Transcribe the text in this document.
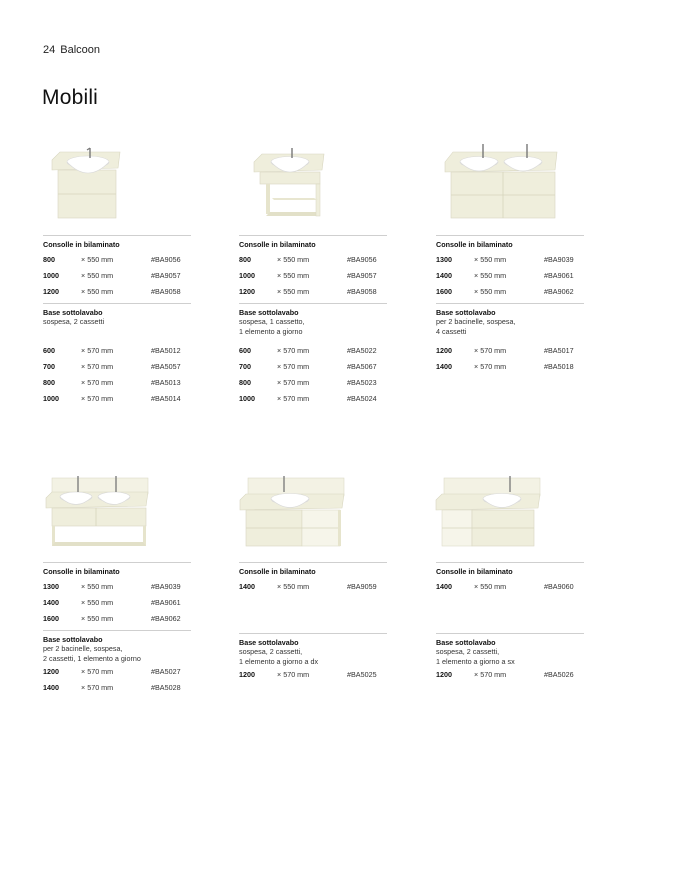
24 Balcoon
Mobili
Consolle in bilaminato
800	× 550 mm	#BA9056
1000	× 550 mm	#BA9057
1200	× 550 mm	#BA9058
Base sottolavabo
sospesa, 2 cassetti
600	× 570 mm	#BA5012
700	× 570 mm	#BA5057
800	× 570 mm	#BA5013
1000	× 570 mm	#BA5014
Consolle in bilaminato
800	× 550 mm	#BA9056
1000	× 550 mm	#BA9057
1200	× 550 mm	#BA9058
Base sottolavabo
sospesa, 1 cassetto,
1 elemento a giorno
600	× 570 mm	#BA5022
700	× 570 mm	#BA5067
800	× 570 mm	#BA5023
1000	× 570 mm	#BA5024
Consolle in bilaminato
1300	× 550 mm	#BA9039
1400	× 550 mm	#BA9061
1600	× 550 mm	#BA9062
Base sottolavabo
per 2 bacinelle, sospesa,
4 cassetti
1200	× 570 mm	#BA5017
1400	× 570 mm	#BA5018
Consolle in bilaminato
1300	× 550 mm	#BA9039
1400	× 550 mm	#BA9061
1600	× 550 mm	#BA9062
Base sottolavabo
per 2 bacinelle, sospesa,
2 cassetti, 1 elemento a giorno
1200	× 570 mm	#BA5027
1400	× 570 mm	#BA5028
Consolle in bilaminato
1400	× 550 mm	#BA9059
Base sottolavabo
sospesa, 2 cassetti,
1 elemento a giorno a dx
1200	× 570 mm	#BA5025
Consolle in bilaminato
1400	× 550 mm	#BA9060
Base sottolavabo
sospesa, 2 cassetti,
1 elemento a giorno a sx
1200	× 570 mm	#BA5026
